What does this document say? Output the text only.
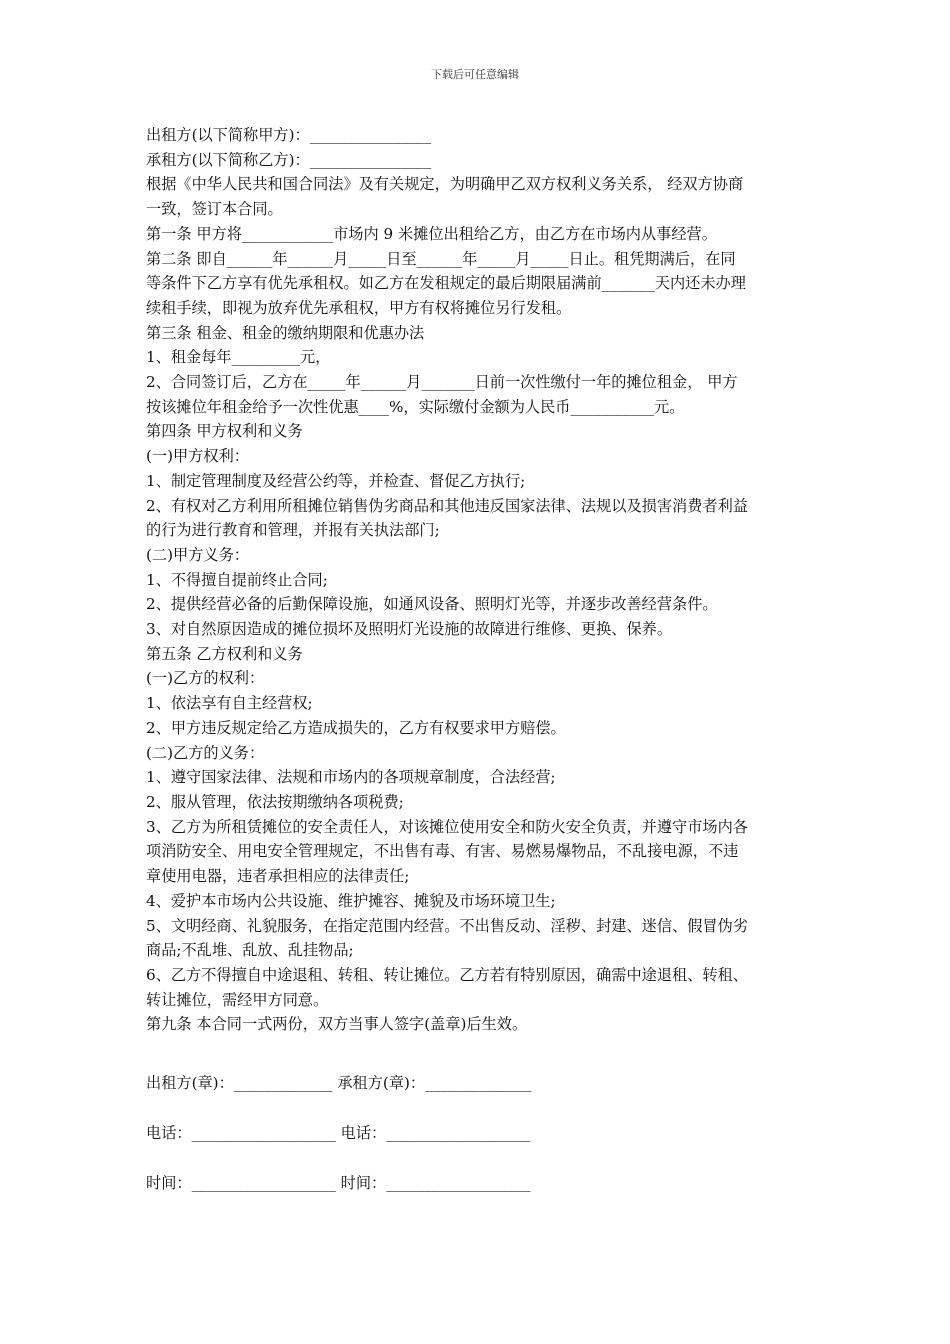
下载后可任意编辑
出租方(以下简称甲方)：________________
承租方(以下简称乙方)：________________
根据《中华人民共和国合同法》及有关规定，为明确甲乙双方权利义务关系， 经双方协商
一致，签订本合同。
第一条 甲方将____________市场内 9 米摊位出租给乙方，由乙方在市场内从事经营。
第二条 即自______年______月_____日至______年_____月_____日止。租凭期满后，在同
等条件下乙方享有优先承租权。如乙方在发租规定的最后期限届满前_______天内还未办理
续租手续，即视为放弃优先承租权，甲方有权将摊位另行发租。
第三条 租金、租金的缴纳期限和优惠办法
1、租金每年_________元，
2、合同签订后，乙方在_____年______月_______日前一次性缴付一年的摊位租金， 甲方
按该摊位年租金给予一次性优惠____%，实际缴付金额为人民币___________元。
第四条 甲方权利和义务
(一)甲方权利：
1、制定管理制度及经营公约等，并检查、督促乙方执行;
2、有权对乙方利用所租摊位销售伪劣商品和其他违反国家法律、法规以及损害消费者利益
的行为进行教育和管理，并报有关执法部门;
(二)甲方义务：
1、不得擅自提前终止合同;
2、提供经营必备的后勤保障设施，如通风设备、照明灯光等，并逐步改善经营条件。
3、对自然原因造成的摊位损坏及照明灯光设施的故障进行维修、更换、保养。
第五条 乙方权利和义务
(一)乙方的权利：
1、依法享有自主经营权;
2、甲方违反规定给乙方造成损失的，乙方有权要求甲方赔偿。
(二)乙方的义务：
1、遵守国家法律、法规和市场内的各项规章制度，合法经营;
2、服从管理，依法按期缴纳各项税费;
3、乙方为所租赁摊位的安全责任人，对该摊位使用安全和防火安全负责，并遵守市场内各
项消防安全、用电安全管理规定，不出售有毒、有害、易燃易爆物品，不乱接电源，不违
章使用电器，违者承担相应的法律责任;
4、爱护本市场内公共设施、维护摊容、摊貌及市场环境卫生;
5、文明经商、礼貌服务，在指定范围内经营。不出售反动、淫秽、封建、迷信、假冒伪劣
商品;不乱堆、乱放、乱挂物品;
6、乙方不得擅自中途退租、转租、转让摊位。乙方若有特别原因，确需中途退租、转租、
转让摊位，需经甲方同意。
第九条 本合同一式两份，双方当事人签字(盖章)后生效。
出租方(章)：_____________ 承租方(章)：______________
电话：___________________ 电话：___________________
时间：___________________ 时间：___________________
